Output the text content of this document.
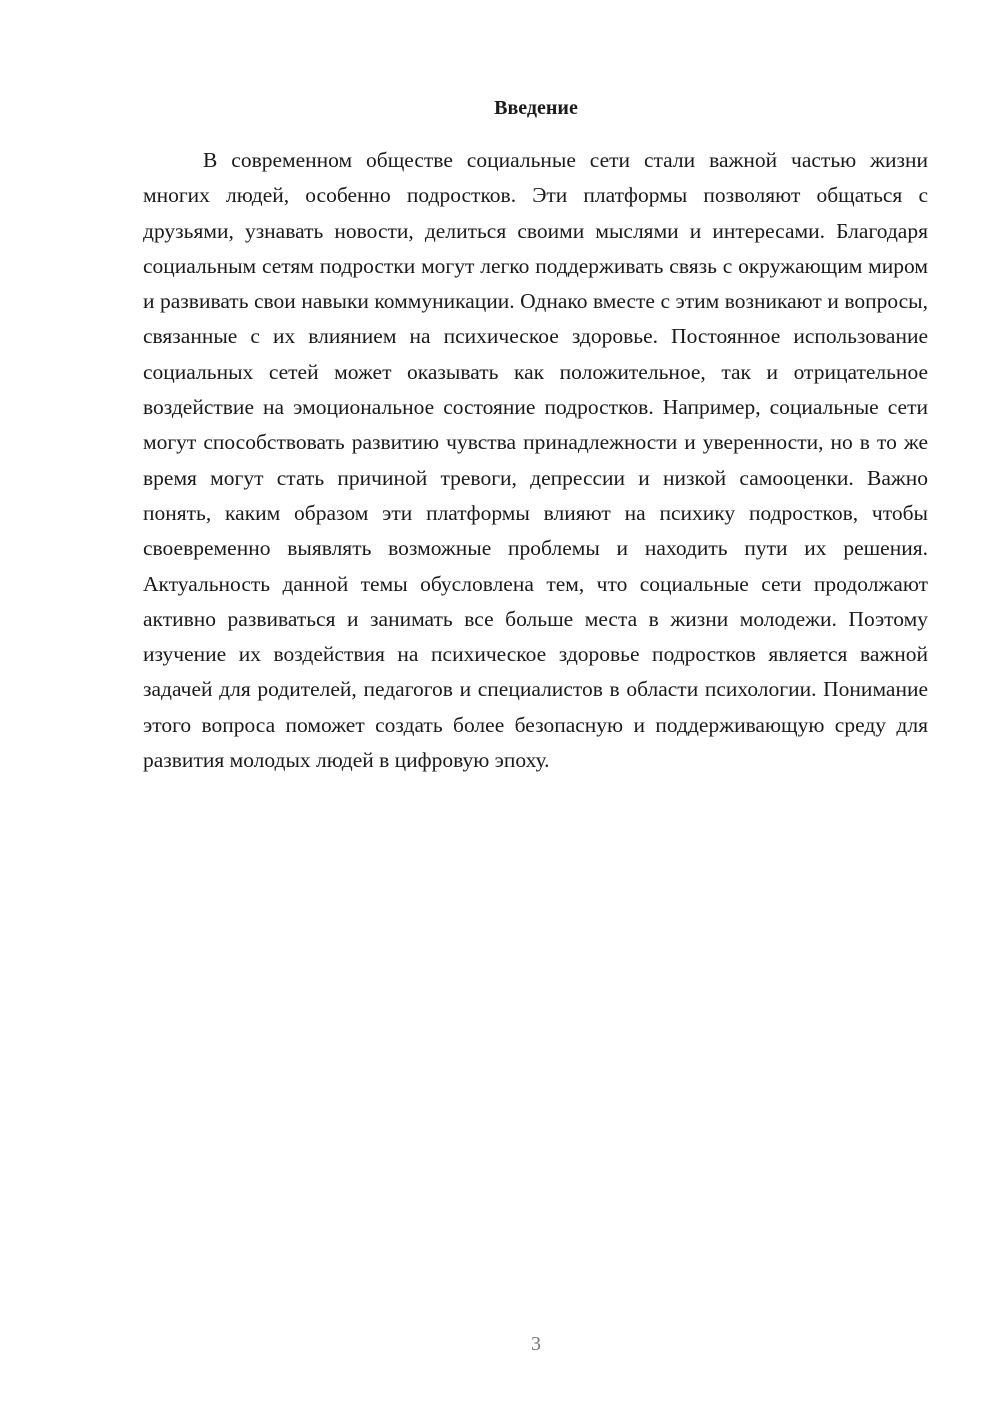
Введение

В современном обществе социальные сети стали важной частью жизни многих людей, особенно подростков. Эти платформы позволяют общаться с друзьями, узнавать новости, делиться своими мыслями и интересами. Благодаря социальным сетям подростки могут легко поддерживать связь с окружающим миром и развивать свои навыки коммуникации. Однако вместе с этим возникают и вопросы, связанные с их влиянием на психическое здоровье. Постоянное использование социальных сетей может оказывать как положительное, так и отрицательное воздействие на эмоциональное состояние подростков. Например, социальные сети могут способствовать развитию чувства принадлежности и уверенности, но в то же время могут стать причиной тревоги, депрессии и низкой самооценки. Важно понять, каким образом эти платформы влияют на психику подростков, чтобы своевременно выявлять возможные проблемы и находить пути их решения. Актуальность данной темы обусловлена тем, что социальные сети продолжают активно развиваться и занимать все больше места в жизни молодежи. Поэтому изучение их воздействия на психическое здоровье подростков является важной задачей для родителей, педагогов и специалистов в области психологии. Понимание этого вопроса поможет создать более безопасную и поддерживающую среду для развития молодых людей в цифровую эпоху.

3
